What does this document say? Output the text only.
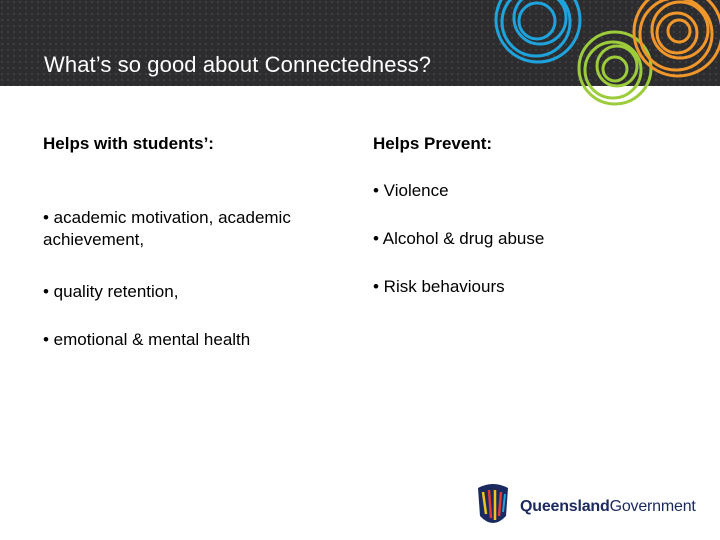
What’s so good about Connectedness?
Helps with students’:	Helps Prevent:
• academic motivation, academic achievement,
• quality retention,
• emotional & mental health
• Violence
• Alcohol & drug abuse
• Risk behaviours
QueenslandGovernment
